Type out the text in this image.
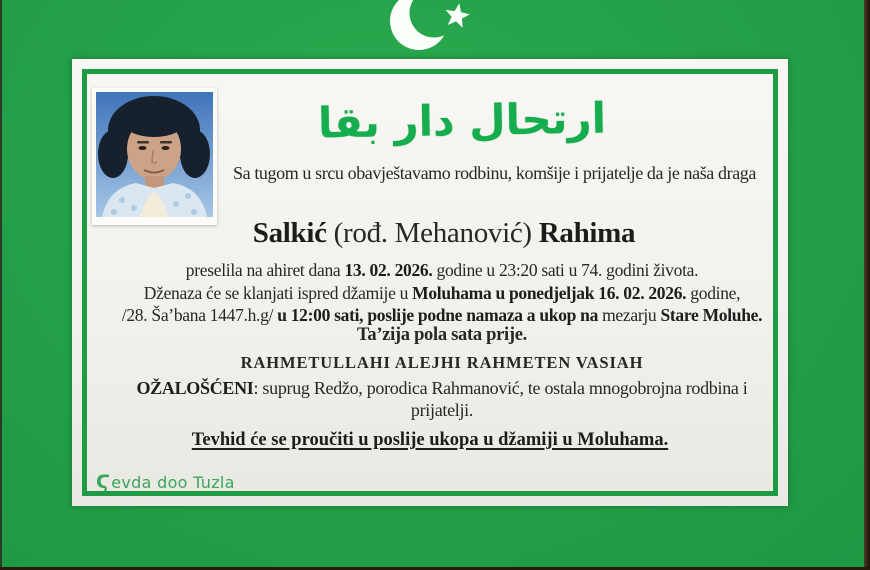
ارتحال دار بقا
Sa tugom u srcu obavještavamo rodbinu, komšije i prijatelje da je naša draga
Salkić (rođ. Mehanović) Rahima
preselila na ahiret dana 13. 02. 2026. godine u 23:20 sati u 74. godini života.
Dženaza će se klanjati ispred džamije u Moluhama u ponedjeljak 16. 02. 2026. godine,
/28. Ša’bana 1447.h.g/ u 12:00 sati, poslije podne namaza a ukop na mezarju Stare Moluhe.
Ta’zija pola sata prije.
RAHMETULLAHI ALEJHI RAHMETEN VASIAH
OŽALOŠĆENI: suprug Redžo, porodica Rahmanović, te ostala mnogobrojna rodbina i
prijatelji.
Tevhid će se proučiti u poslije ukopa u džamiji u Moluhama.
Ϛevda doo Tuzla
